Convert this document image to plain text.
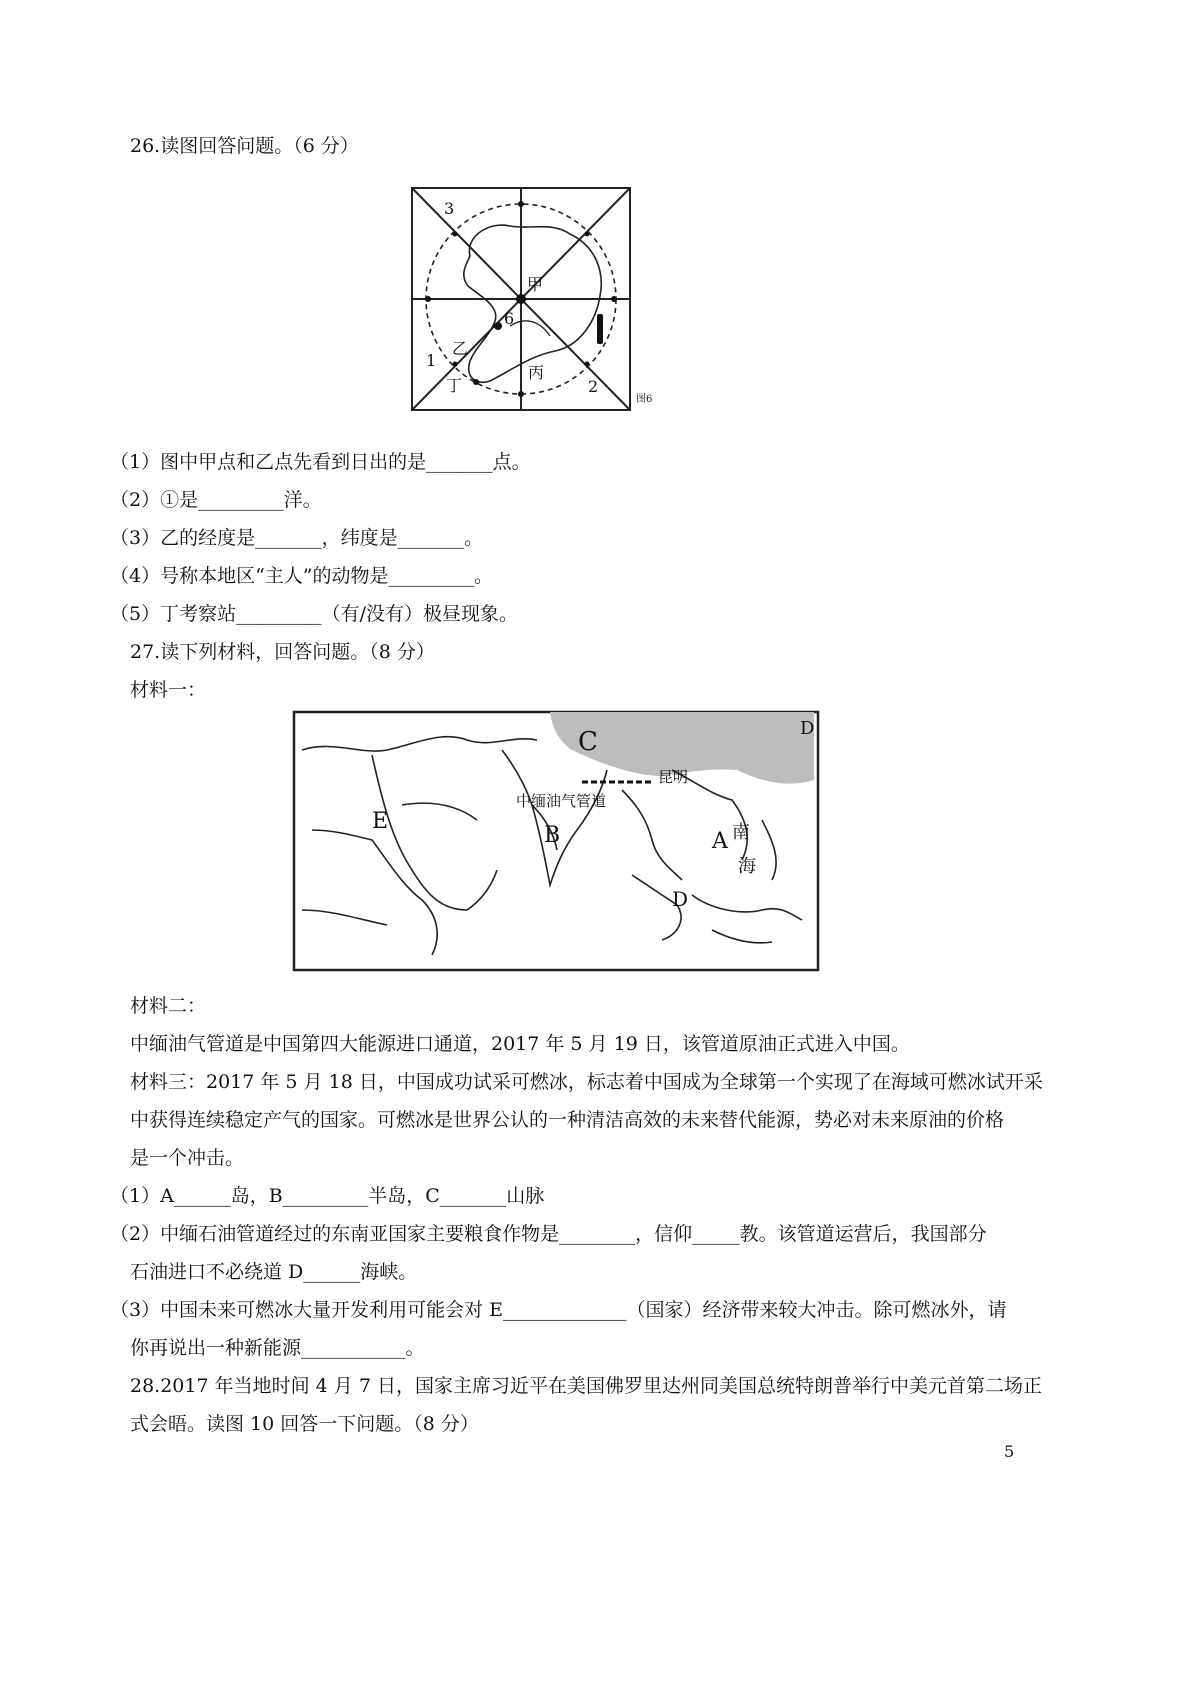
26.读图回答问题。（6 分）
3
甲
6
乙
1
丁
丙
2
图6
（1）图中甲点和乙点先看到日出的是_______点。
（2）①是_________洋。
（3）乙的经度是_______，纬度是_______。
（4）号称本地区“主人”的动物是_________。
（5）丁考察站_________（有/没有）极昼现象。
27.读下列材料，回答问题。（8 分）
材料一：
C
E
B	A
D
D
中缅油气管道
昆明
南
海
材料二：
中缅油气管道是中国第四大能源进口通道，2017 年 5 月 19 日，该管道原油正式进入中国。
材料三：2017 年 5 月 18 日，中国成功试采可燃冰，标志着中国成为全球第一个实现了在海域可燃冰试开采
中获得连续稳定产气的国家。可燃冰是世界公认的一种清洁高效的未来替代能源，势必对未来原油的价格
是一个冲击。
（1）A______岛，B_________半岛，C_______山脉
（2）中缅石油管道经过的东南亚国家主要粮食作物是________，信仰_____教。该管道运营后，我国部分
石油进口不必绕道 D______海峡。
（3）中国未来可燃冰大量开发利用可能会对 E_____________（国家）经济带来较大冲击。除可燃冰外，请
你再说出一种新能源___________。
28.2017 年当地时间 4 月 7 日，国家主席习近平在美国佛罗里达州同美国总统特朗普举行中美元首第二场正
式会晤。读图 10 回答一下问题。（8 分）
5
